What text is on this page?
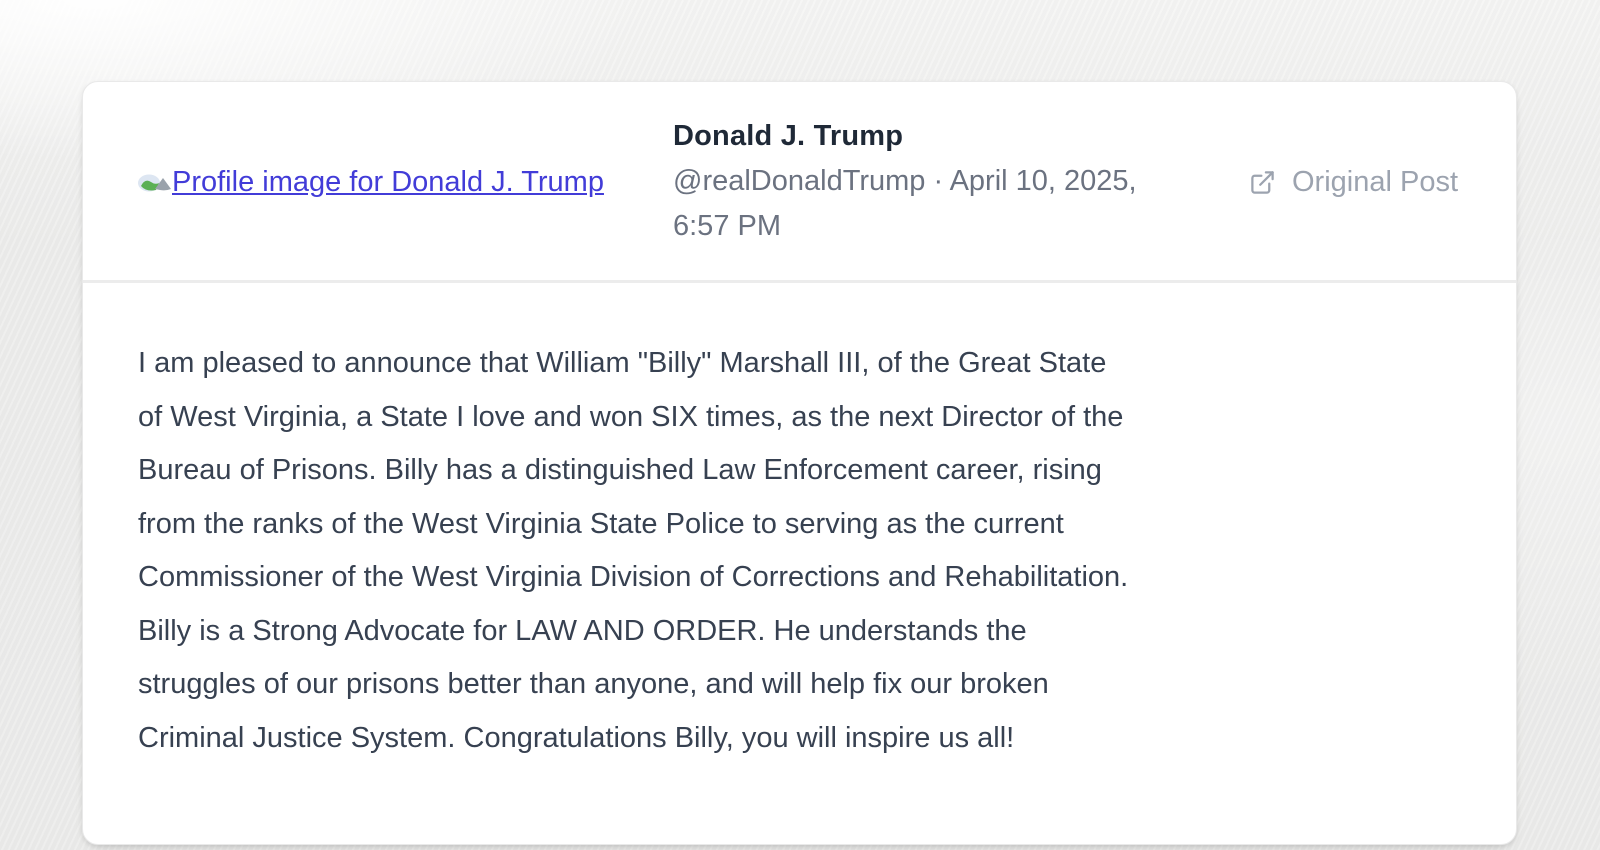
Profile image for Donald J. Trump
Donald J. Trump
@realDonaldTrump · April 10, 2025,
6:57 PM
Original Post
I am pleased to announce that William "Billy" Marshall III, of the Great State
of West Virginia, a State I love and won SIX times, as the next Director of the
Bureau of Prisons. Billy has a distinguished Law Enforcement career, rising
from the ranks of the West Virginia State Police to serving as the current
Commissioner of the West Virginia Division of Corrections and Rehabilitation.
Billy is a Strong Advocate for LAW AND ORDER. He understands the
struggles of our prisons better than anyone, and will help fix our broken
Criminal Justice System. Congratulations Billy, you will inspire us all!
